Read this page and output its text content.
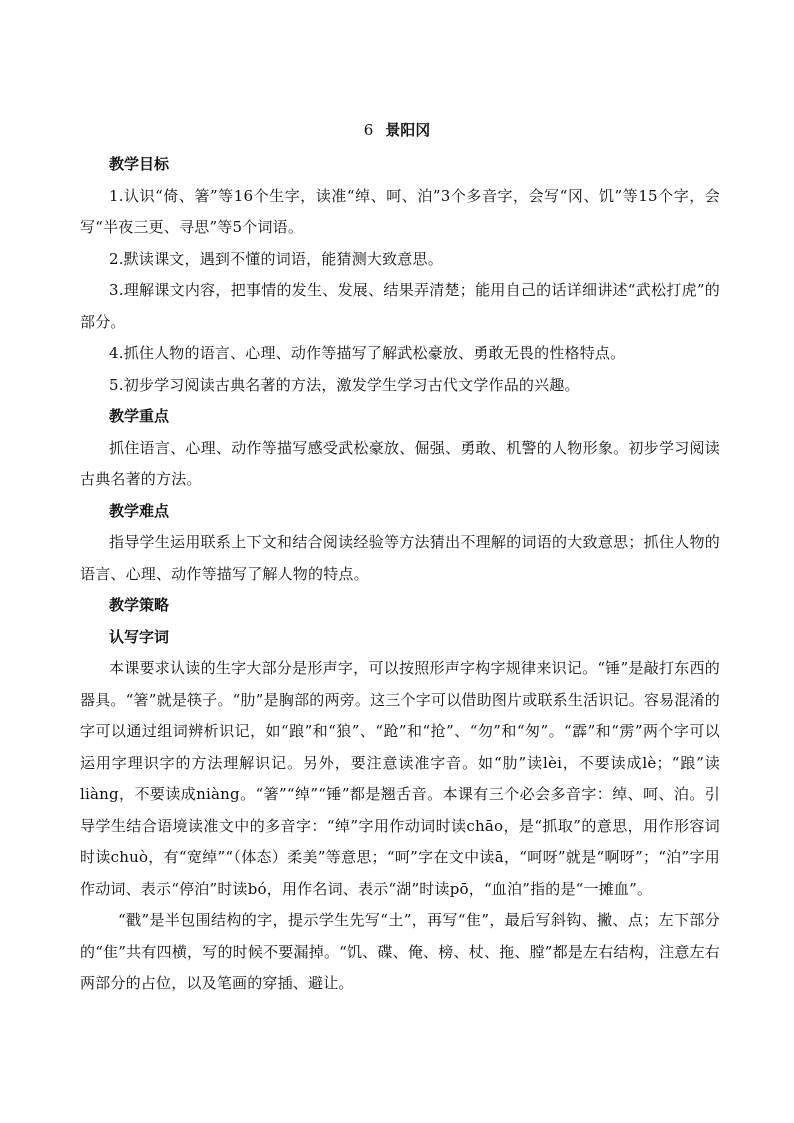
6 景阳冈
教学目标

1.认识“倚、箸”等16个生字，读准“绰、呵、泊”3个多音字，会写“冈、饥”等15个字，会写“半夜三更、寻思”等5个词语。

2.默读课文，遇到不懂的词语，能猜测大致意思。

3.理解课文内容，把事情的发生、发展、结果弄清楚；能用自己的话详细讲述“武松打虎”的部分。

4.抓住人物的语言、心理、动作等描写了解武松豪放、勇敢无畏的性格特点。

5.初步学习阅读古典名著的方法，激发学生学习古代文学作品的兴趣。

教学重点

抓住语言、心理、动作等描写感受武松豪放、倔强、勇敢、机警的人物形象。初步学习阅读古典名著的方法。

教学难点

指导学生运用联系上下文和结合阅读经验等方法猜出不理解的词语的大致意思；抓住人物的语言、心理、动作等描写了解人物的特点。

教学策略
认写字词

本课要求认读的生字大部分是形声字，可以按照形声字构字规律来识记。“锤”是敲打东西的器具。“箸”就是筷子。“肋”是胸部的两旁。这三个字可以借助图片或联系生活识记。容易混淆的字可以通过组词辨析识记，如“踉”和“狼”、“跄”和“抢”、“勿”和“匆”。“霹”和“雳”两个字可以运用字理识字的方法理解识记。另外，要注意读准字音。如“肋”读lèi，不要读成lè；“踉”读liàng，不要读成niàng。“箸”“绰”“锤”都是翘舌音。本课有三个必会多音字：绰、呵、泊。引导学生结合语境读准文中的多音字：“绰”字用作动词时读chāo，是“抓取”的意思，用作形容词时读chuò，有“宽绰”“（体态）柔美”等意思；“呵”字在文中读ā，“呵呀”就是“啊呀”；“泊”字用作动词、表示“停泊”时读bó，用作名词、表示“湖”时读pō，“血泊”指的是“一摊血”。

“戳”是半包围结构的字，提示学生先写“土”，再写“隹”，最后写斜钩、撇、点；左下部分的“隹”共有四横，写的时候不要漏掉。“饥、碟、俺、榜、杖、拖、膛”都是左右结构，注意左右两部分的占位，以及笔画的穿插、避让。
